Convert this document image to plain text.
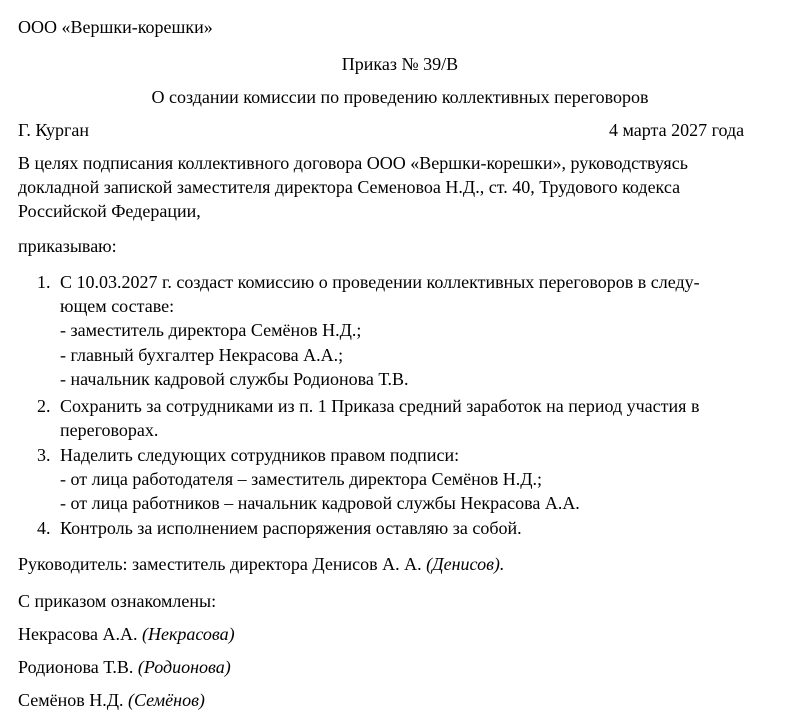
ООО «Вершки-корешки»
Приказ № 39/В
О создании комиссии по проведению коллективных переговоров
Г. Курган	4 марта 2027 года
В целях подписания коллективного договора ООО «Вершки-корешки», руководствуясь
докладной запиской заместителя директора Семеновоа Н.Д., ст. 40, Трудового кодекса
Российской Федерации,
приказываю:
1. С 10.03.2027 г. создаст комиссию о проведении коллективных переговоров в следу-
ющем составе:
- заместитель директора Семёнов Н.Д.;
- главный бухгалтер Некрасова А.А.;
- начальник кадровой службы Родионова Т.В.
2. Сохранить за сотрудниками из п. 1 Приказа средний заработок на период участия в
переговорах.
3. Наделить следующих сотрудников правом подписи:
- от лица работодателя – заместитель директора Семёнов Н.Д.;
- от лица работников – начальник кадровой службы Некрасова А.А.
4. Контроль за исполнением распоряжения оставляю за собой.
Руководитель: заместитель директора Денисов А. А. (Денисов).
С приказом ознакомлены:
Некрасова А.А. (Некрасова)
Родионова Т.В. (Родионова)
Семёнов Н.Д. (Семёнов)
